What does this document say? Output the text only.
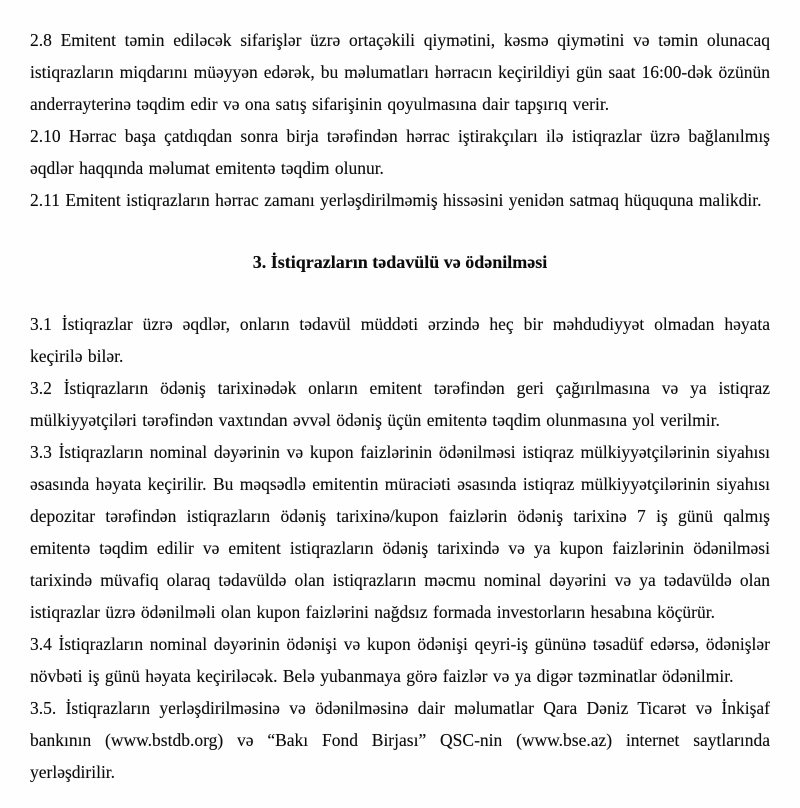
2.8 Emitent təmin ediləcək sifarişlər üzrə ortaçəkili qiymətini, kəsmə qiymətini və təmin olunacaq istiqrazların miqdarını müəyyən edərək, bu məlumatları hərracın keçirildiyi gün saat 16:00-dək özünün anderrayterinə təqdim edir və ona satış sifarişinin qoyulmasına dair tapşırıq verir.

2.10 Hərrac başa çatdıqdan sonra birja tərəfindən hərrac iştirakçıları ilə istiqrazlar üzrə bağlanılmış əqdlər haqqında məlumat emitentə təqdim olunur.

2.11 Emitent istiqrazların hərrac zamanı yerləşdirilməmiş hissəsini yenidən satmaq hüququna malikdir.

3. İstiqrazların tədavülü və ödənilməsi

3.1 İstiqrazlar üzrə əqdlər, onların tədavül müddəti ərzində heç bir məhdudiyyət olmadan həyata keçirilə bilər.

3.2 İstiqrazların ödəniş tarixinədək onların emitent tərəfindən geri çağırılmasına və ya istiqraz mülkiyyətçiləri tərəfindən vaxtından əvvəl ödəniş üçün emitentə təqdim olunmasına yol verilmir.

3.3 İstiqrazların nominal dəyərinin və kupon faizlərinin ödənilməsi istiqraz mülkiyyətçilərinin siyahısı əsasında həyata keçirilir. Bu məqsədlə emitentin müraciəti əsasında istiqraz mülkiyyətçilərinin siyahısı depozitar tərəfindən istiqrazların ödəniş tarixinə/kupon faizlərin ödəniş tarixinə 7 iş günü qalmış emitentə təqdim edilir və emitent istiqrazların ödəniş tarixində və ya kupon faizlərinin ödənilməsi tarixində müvafiq olaraq tədavüldə olan istiqrazların məcmu nominal dəyərini və ya tədavüldə olan istiqrazlar üzrə ödənilməli olan kupon faizlərini nağdsız formada investorların hesabına köçürür.

3.4 İstiqrazların nominal dəyərinin ödənişi və kupon ödənişi qeyri-iş gününə təsadüf edərsə, ödənişlər növbəti iş günü həyata keçiriləcək. Belə yubanmaya görə faizlər və ya digər təzminatlar ödənilmir.

3.5. İstiqrazların yerləşdirilməsinə və ödənilməsinə dair məlumatlar Qara Dəniz Ticarət və İnkişaf bankının (www.bstdb.org) və “Bakı Fond Birjası” QSC-nin (www.bse.az) internet saytlarında yerləşdirilir.
